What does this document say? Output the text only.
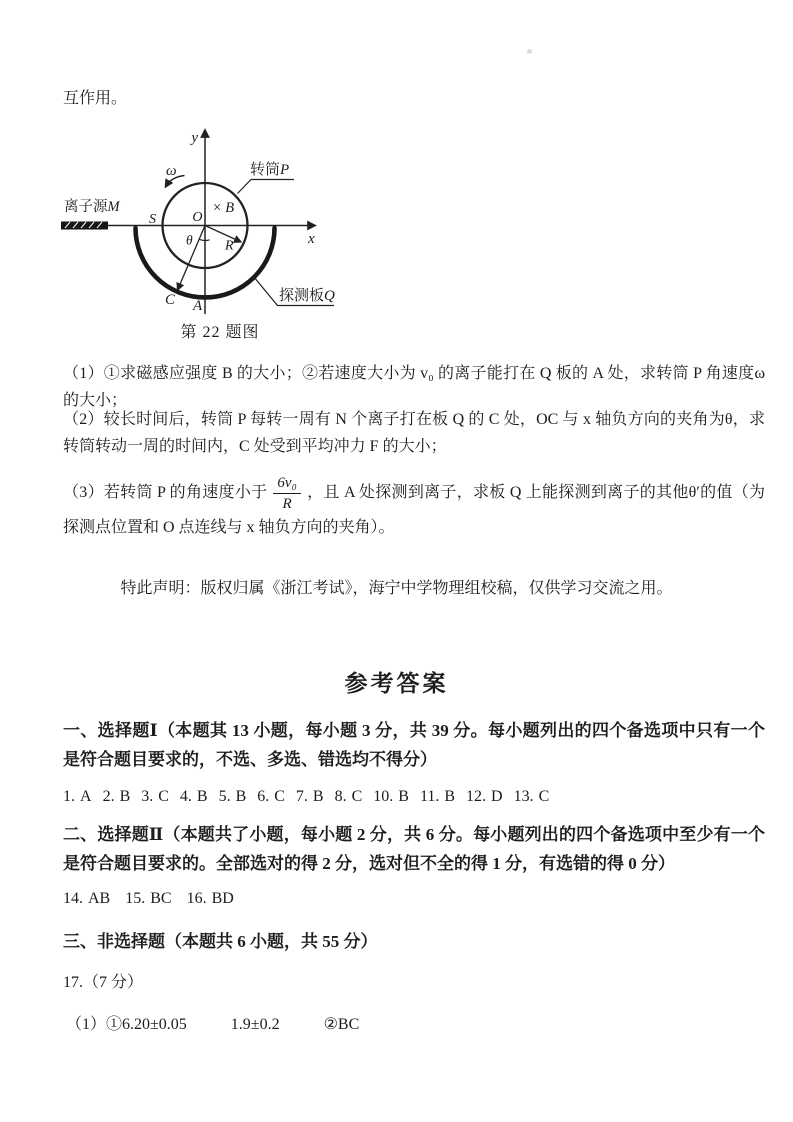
互作用。
y
x
ω	转筒P
离子源M	× B
S	O
θ R
C A
探测板Q
第 22 题图
（1）①求磁感应强度 B 的大小；②若速度大小为 v₀ 的离子能打在 Q 板的 A 处，求转筒 P 角速度ω的大小；
（2）较长时间后，转筒 P 每转一周有 N 个离子打在板 Q 的 C 处，OC 与 x 轴负方向的夹角为θ，求转筒转动一周的时间内，C 处受到平均冲力 F 的大小；
（3）若转筒 P 的角速度小于 $\frac{\text{6v₀}}{R}$ ，且 A 处探测到离子，求板 Q 上能探测到离子的其他θ′的值（为探测点位置和 O 点连线与 x 轴负方向的夹角）。
特此声明：版权归属《浙江考试》，海宁中学物理组校稿，仅供学习交流之用。
参考答案
一、选择题Ⅰ（本题其 13 小题，每小题 3 分，共 39 分。每小题列出的四个备选项中只有一个是符合题目要求的，不选、多选、错选均不得分）
1. A 2. B 3. C 4. B 5. B 6. C 7. B 8. C 10. B 11. B 12. D 13. C
二、选择题Ⅱ（本题共了小题，每小题 2 分，共 6 分。每小题列出的四个备选项中至少有一个是符合题目要求的。全部选对的得 2 分，选对但不全的得 1 分，有选错的得 0 分）
14. AB 15. BC 16. BD
三、非选择题（本题共 6 小题，共 55 分）
17.（7 分）
（1）①6.20±0.05	1.9±0.2	②BC
